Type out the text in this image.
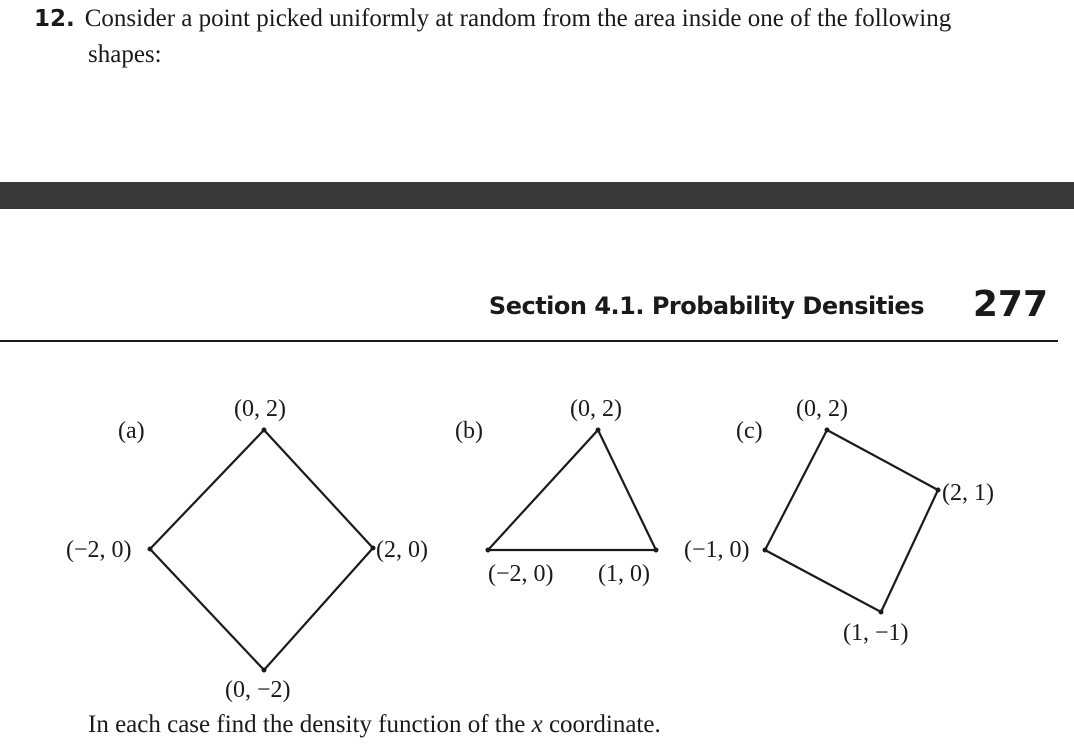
12. Consider a point picked uniformly at random from the area inside one of the following
shapes:
Section 4.1. Probability Densities 277
(a)
(0, 2)
(−2, 0)	(2, 0)
(0, −2)
(b)
(0, 2)
(−2, 0) (1, 0)
(c)
(0, 2)
(2, 1)
(−1, 0)
(1, −1)
In each case find the density function of the x coordinate.
